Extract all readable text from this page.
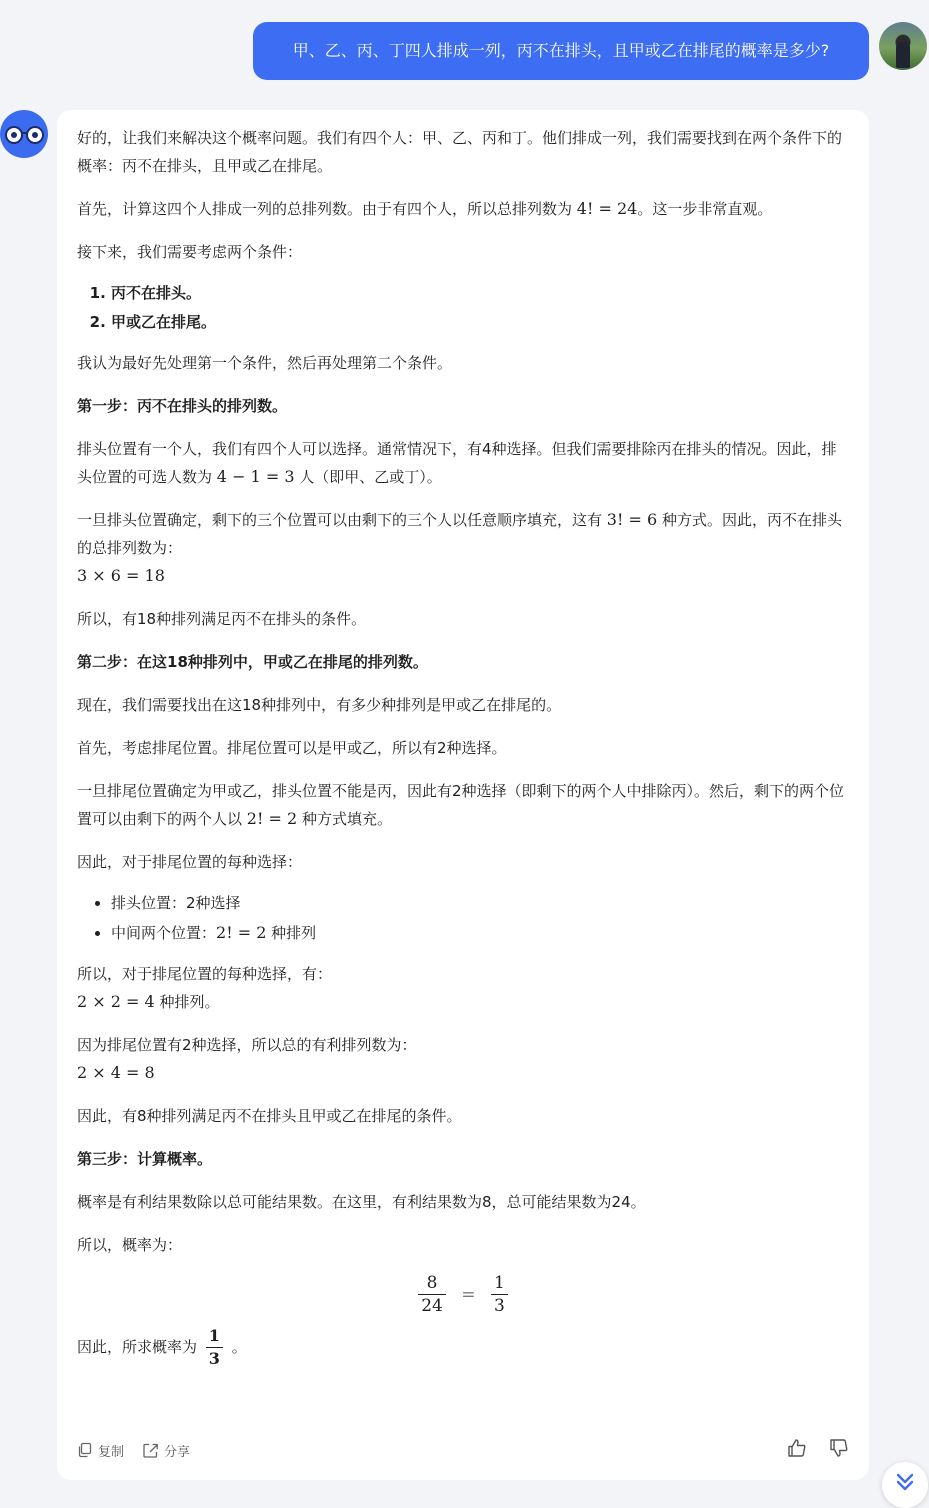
甲、乙、丙、丁四人排成一列，丙不在排头，且甲或乙在排尾的概率是多少?

好的，让我们来解决这个概率问题。我们有四个人：甲、乙、丙和丁。他们排成一列，我们需要找到在两个条件下的概率：丙不在排头，且甲或乙在排尾。

首先，计算这四个人排成一列的总排列数。由于有四个人，所以总排列数为 4! = 24。这一步非常直观。

接下来，我们需要考虑两个条件：

1. 丙不在排头。
2. 甲或乙在排尾。

我认为最好先处理第一个条件，然后再处理第二个条件。

第一步：丙不在排头的排列数。

排头位置有一个人，我们有四个人可以选择。通常情况下，有4种选择。但我们需要排除丙在排头的情况。因此，排头位置的可选人数为 4 − 1 = 3 人（即甲、乙或丁）。

一旦排头位置确定，剩下的三个位置可以由剩下的三个人以任意顺序填充，这有 3! = 6 种方式。因此，丙不在排头的总排列数为：
3 × 6 = 18

所以，有18种排列满足丙不在排头的条件。

第二步：在这18种排列中，甲或乙在排尾的排列数。

现在，我们需要找出在这18种排列中，有多少种排列是甲或乙在排尾的。

首先，考虑排尾位置。排尾位置可以是甲或乙，所以有2种选择。

一旦排尾位置确定为甲或乙，排头位置不能是丙，因此有2种选择（即剩下的两个人中排除丙）。然后，剩下的两个位置可以由剩下的两个人以 2! = 2 种方式填充。

因此，对于排尾位置的每种选择：

• 排头位置：2种选择
• 中间两个位置：2! = 2 种排列

所以，对于排尾位置的每种选择，有：
2 × 2 = 4 种排列。

因为排尾位置有2种选择，所以总的有利排列数为：
2 × 4 = 8

因此，有8种排列满足丙不在排头且甲或乙在排尾的条件。

第三步：计算概率。

概率是有利结果数除以总可能结果数。在这里，有利结果数为8，总可能结果数为24。

所以，概率为：

$\frac{8}{24} = \frac{1}{3}$

因此，所求概率为 $\frac{1}{3}$ 。

复制	分享
